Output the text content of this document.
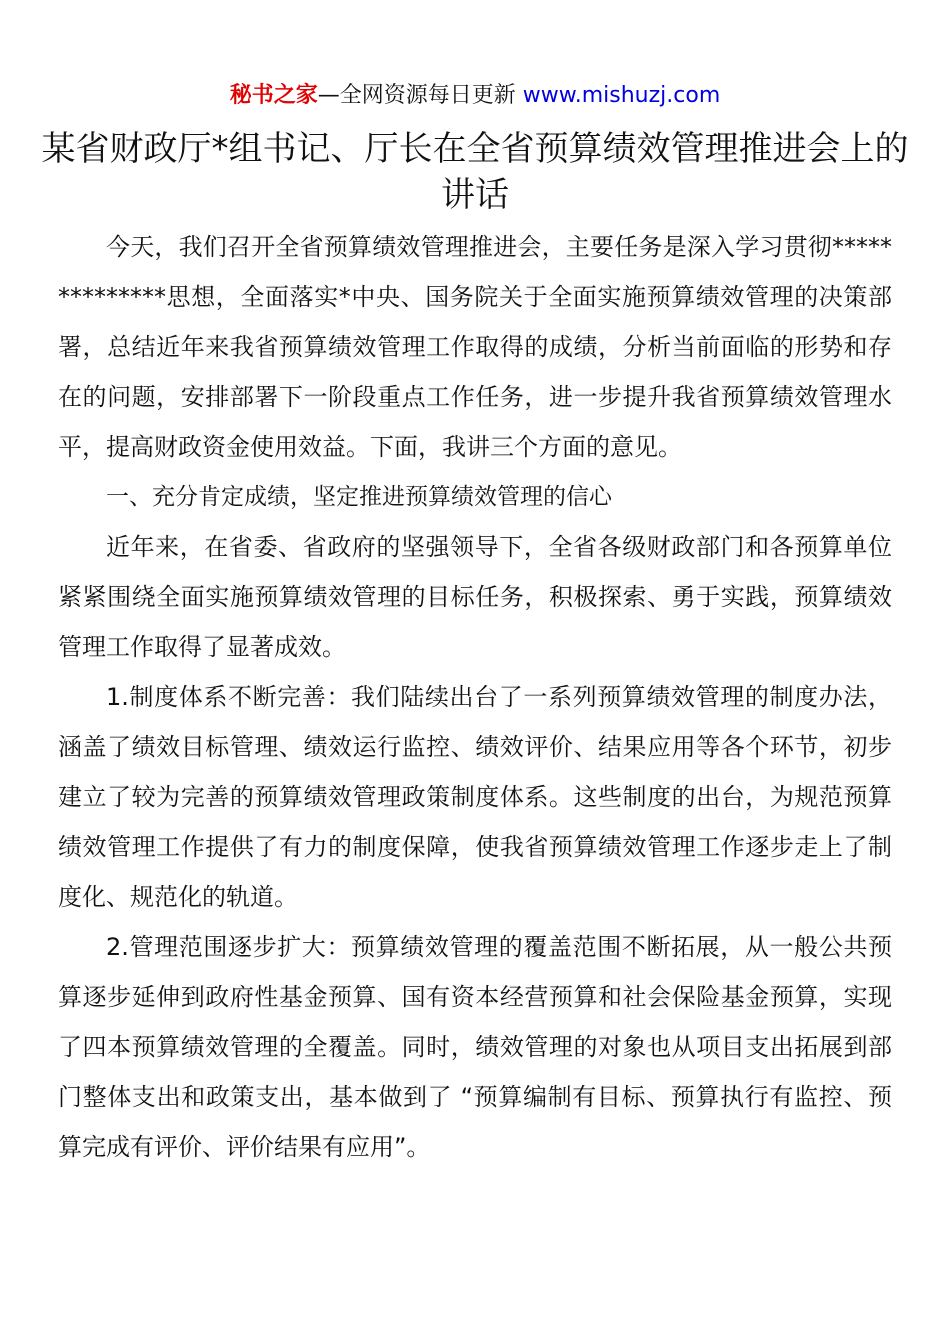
秘书之家—全网资源每日更新 www.mishuzj.com
某省财政厅*组书记、厅长在全省预算绩效管理推进会上的讲话

今天，我们召开全省预算绩效管理推进会，主要任务是深入学习贯彻**************思想，全面落实*中央、国务院关于全面实施预算绩效管理的决策部署，总结近年来我省预算绩效管理工作取得的成绩，分析当前面临的形势和存在的问题，安排部署下一阶段重点工作任务，进一步提升我省预算绩效管理水平，提高财政资金使用效益。下面，我讲三个方面的意见。

一、充分肯定成绩，坚定推进预算绩效管理的信心

近年来，在省委、省政府的坚强领导下，全省各级财政部门和各预算单位紧紧围绕全面实施预算绩效管理的目标任务，积极探索、勇于实践，预算绩效管理工作取得了显著成效。

1.制度体系不断完善：我们陆续出台了一系列预算绩效管理的制度办法，涵盖了绩效目标管理、绩效运行监控、绩效评价、结果应用等各个环节，初步建立了较为完善的预算绩效管理政策制度体系。这些制度的出台，为规范预算绩效管理工作提供了有力的制度保障，使我省预算绩效管理工作逐步走上了制度化、规范化的轨道。

2.管理范围逐步扩大：预算绩效管理的覆盖范围不断拓展，从一般公共预算逐步延伸到政府性基金预算、国有资本经营预算和社会保险基金预算，实现了四本预算绩效管理的全覆盖。同时，绩效管理的对象也从项目支出拓展到部门整体支出和政策支出，基本做到了 “预算编制有目标、预算执行有监控、预算完成有评价、评价结果有应用”。
